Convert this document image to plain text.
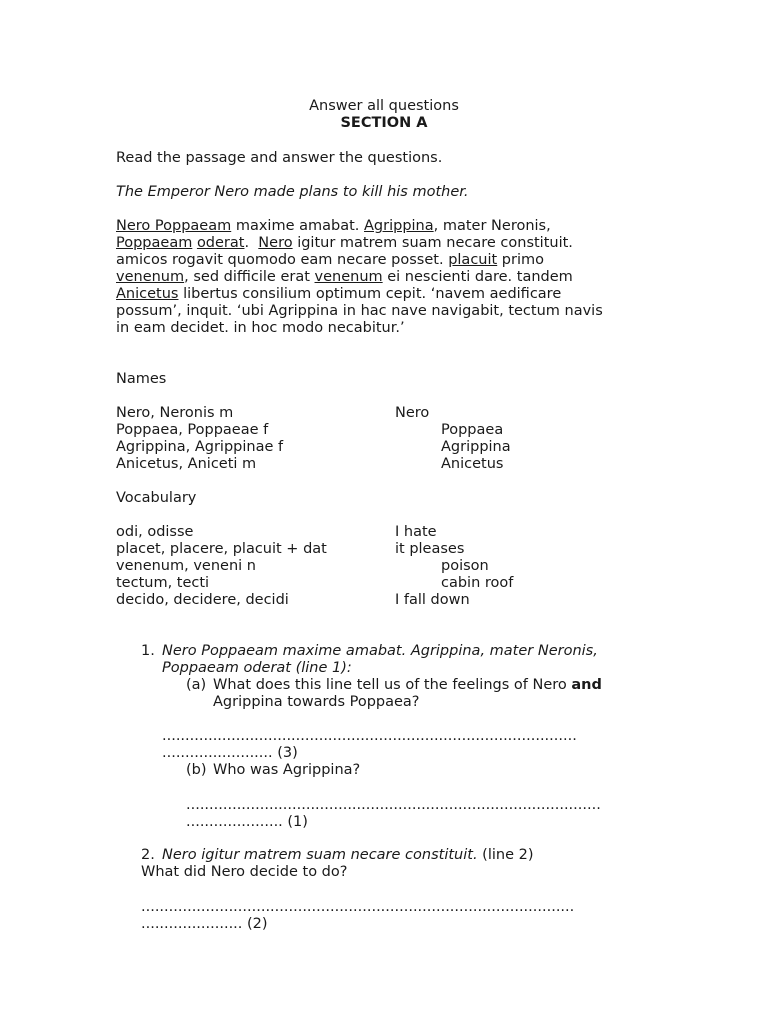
Answer all questions
SECTION A
Read the passage and answer the questions.
The Emperor Nero made plans to kill his mother.
Nero Poppaeam maxime amabat. Agrippina, mater Neronis,
Poppaeam oderat.  Nero igitur matrem suam necare constituit.
amicos rogavit quomodo eam necare posset. placuit primo
venenum, sed difficile erat venenum ei nescienti dare. tandem
Anicetus libertus consilium optimum cepit. ‘navem aedificare
possum’, inquit. ‘ubi Agrippina in hac nave navigabit, tectum navis
in eam decidet. in hoc modo necabitur.’
Names
Nero, Neronis m	Nero
Poppaea, Poppaeae f	Poppaea
Agrippina, Agrippinae f	Agrippina
Anicetus, Aniceti m	Anicetus
Vocabulary
odi, odisse	I hate
placet, placere, placuit + dat	it pleases
venenum, veneni n	poison
tectum, tecti	cabin roof
decido, decidere, decidi	I fall down
1. Nero Poppaeam maxime amabat. Agrippina, mater Neronis,
Poppaeam oderat (line 1):
(a) What does this line tell us of the feelings of Nero and
Agrippina towards Poppaea?
..........................................................................................
........................ (3)
(b) Who was Agrippina?
..........................................................................................
..................... (1)
2. Nero igitur matrem suam necare constituit. (line 2)
What did Nero decide to do?
..............................................................................................
...................... (2)
